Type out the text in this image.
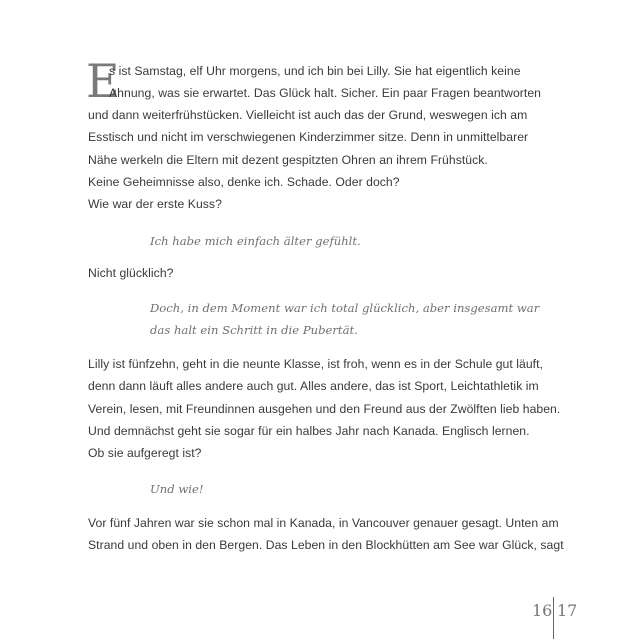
E
s ist Samstag, elf Uhr morgens, und ich bin bei Lilly. Sie hat eigentlich keine
Ahnung, was sie erwartet. Das Glück halt. Sicher. Ein paar Fragen beantworten
und dann weiterfrühstücken. Vielleicht ist auch das der Grund, weswegen ich am
Esstisch und nicht im verschwiegenen Kinderzimmer sitze. Denn in unmittelbarer
Nähe werkeln die Eltern mit dezent gespitzten Ohren an ihrem Frühstück.
Keine Geheimnisse also, denke ich. Schade. Oder doch?
Wie war der erste Kuss?
Ich habe mich einfach älter gefühlt.
Nicht glücklich?
Doch, in dem Moment war ich total glücklich, aber insgesamt war
das halt ein Schritt in die Pubertät.
Lilly ist fünfzehn, geht in die neunte Klasse, ist froh, wenn es in der Schule gut läuft,
denn dann läuft alles andere auch gut. Alles andere, das ist Sport, Leichtathletik im
Verein, lesen, mit Freundinnen ausgehen und den Freund aus der Zwölften lieb haben.
Und demnächst geht sie sogar für ein halbes Jahr nach Kanada. Englisch lernen.
Ob sie aufgeregt ist?
Und wie!
Vor fünf Jahren war sie schon mal in Kanada, in Vancouver genauer gesagt. Unten am
Strand und oben in den Bergen. Das Leben in den Blockhütten am See war Glück, sagt
16 17
